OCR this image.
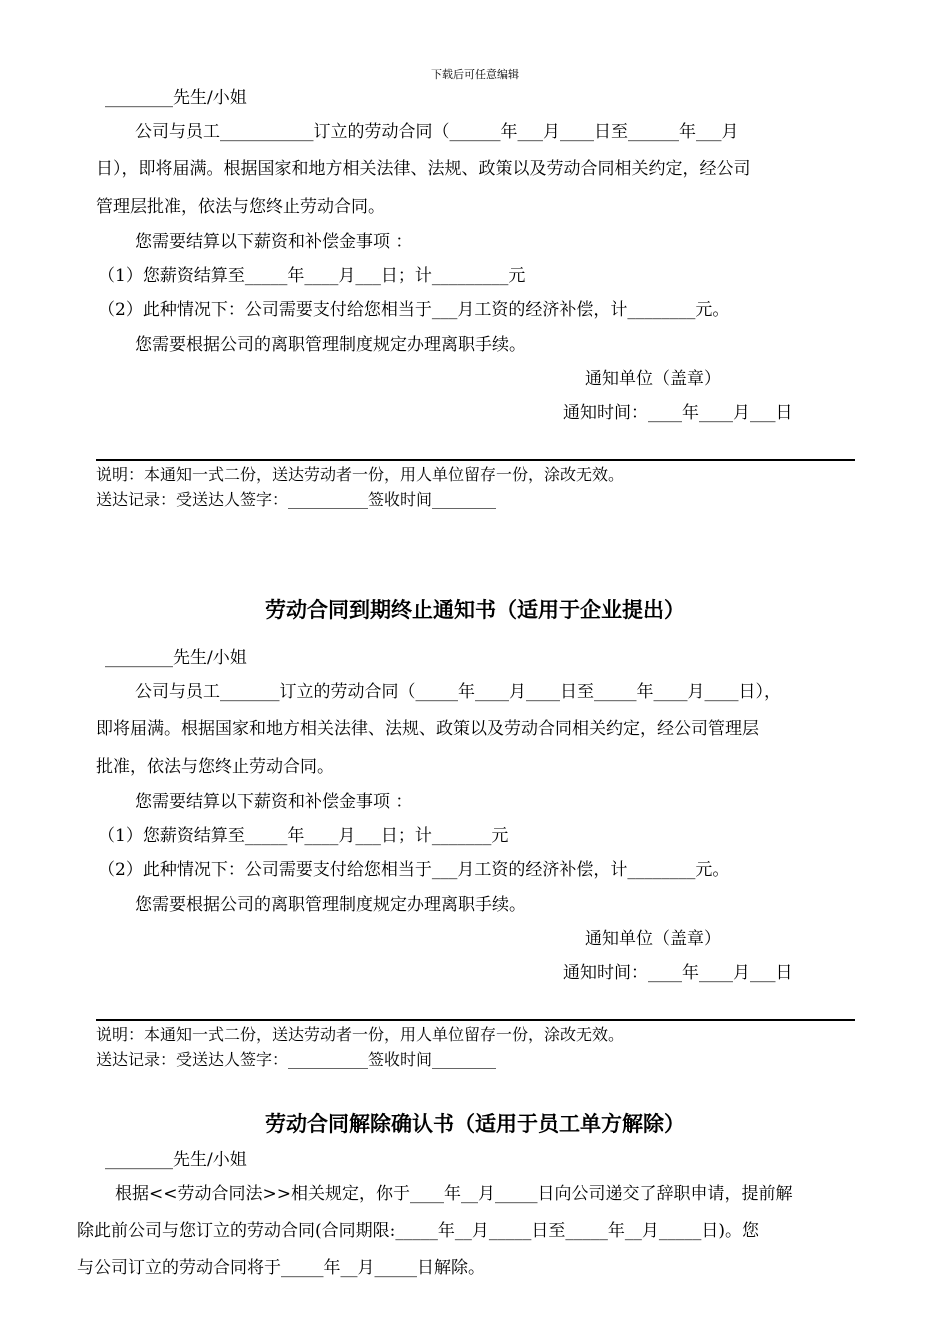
下载后可任意编辑
________先生/小姐
公司与员工___________订立的劳动合同（______年___月____日至______年___月
日），即将届满。根据国家和地方相关法律、法规、政策以及劳动合同相关约定，经公司
管理层批准，依法与您终止劳动合同。
您需要结算以下薪资和补偿金事项 ：
（1）您薪资结算至_____年____月___日；计_________元
（2）此种情况下：公司需要支付给您相当于___月工资的经济补偿，计________元。
您需要根据公司的离职管理制度规定办理离职手续。
通知单位（盖章）
通知时间：____年____月___日
说明：本通知一式二份，送达劳动者一份，用人单位留存一份，涂改无效。
送达记录：受送达人签字：__________签收时间________
劳动合同到期终止通知书（适用于企业提出）
________先生/小姐
公司与员工_______订立的劳动合同（_____年____月____日至_____年____月____日），
即将届满。根据国家和地方相关法律、法规、政策以及劳动合同相关约定，经公司管理层
批准，依法与您终止劳动合同。
您需要结算以下薪资和补偿金事项 ：
（1）您薪资结算至_____年____月___日；计_______元
（2）此种情况下：公司需要支付给您相当于___月工资的经济补偿，计________元。
您需要根据公司的离职管理制度规定办理离职手续。
通知单位（盖章）
通知时间：____年____月___日
说明：本通知一式二份，送达劳动者一份，用人单位留存一份，涂改无效。
送达记录：受送达人签字：__________签收时间________
劳动合同解除确认书（适用于员工单方解除）
________先生/小姐
根据<<劳动合同法>>相关规定，你于____年__月_____日向公司递交了辞职申请，提前解
除此前公司与您订立的劳动合同(合同期限:_____年__月_____日至_____年__月_____日)。您
与公司订立的劳动合同将于_____年__月_____日解除。
